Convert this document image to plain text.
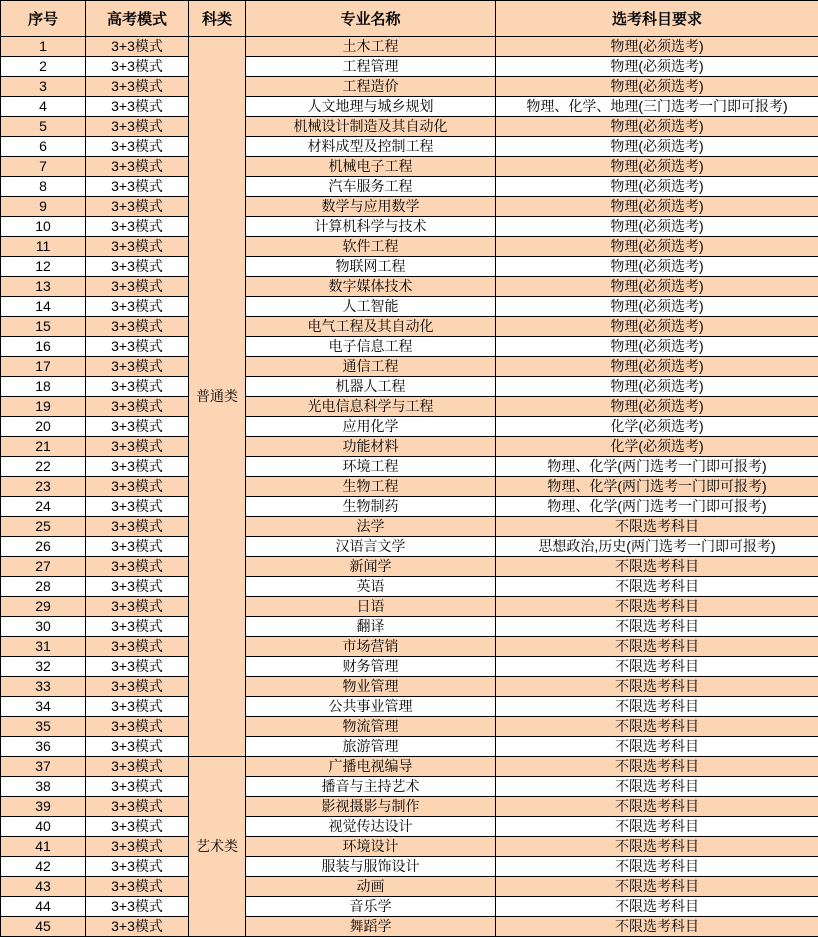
序号	高考模式	科类	专业名称	选考科目要求
1	3+3模式	普通类	土木工程	物理(必须选考)
2	3+3模式		工程管理	物理(必须选考)
3	3+3模式		工程造价	物理(必须选考)
4	3+3模式		人文地理与城乡规划	物理、化学、地理(三门选考一门即可报考)
5	3+3模式		机械设计制造及其自动化	物理(必须选考)
6	3+3模式		材料成型及控制工程	物理(必须选考)
7	3+3模式		机械电子工程	物理(必须选考)
8	3+3模式		汽车服务工程	物理(必须选考)
9	3+3模式		数学与应用数学	物理(必须选考)
10	3+3模式		计算机科学与技术	物理(必须选考)
11	3+3模式		软件工程	物理(必须选考)
12	3+3模式		物联网工程	物理(必须选考)
13	3+3模式		数字媒体技术	物理(必须选考)
14	3+3模式		人工智能	物理(必须选考)
15	3+3模式		电气工程及其自动化	物理(必须选考)
16	3+3模式		电子信息工程	物理(必须选考)
17	3+3模式		通信工程	物理(必须选考)
18	3+3模式		机器人工程	物理(必须选考)
19	3+3模式		光电信息科学与工程	物理(必须选考)
20	3+3模式		应用化学	化学(必须选考)
21	3+3模式		功能材料	化学(必须选考)
22	3+3模式		环境工程	物理、化学(两门选考一门即可报考)
23	3+3模式		生物工程	物理、化学(两门选考一门即可报考)
24	3+3模式		生物制药	物理、化学(两门选考一门即可报考)
25	3+3模式		法学	不限选考科目
26	3+3模式		汉语言文学	思想政治,历史(两门选考一门即可报考)
27	3+3模式		新闻学	不限选考科目
28	3+3模式		英语	不限选考科目
29	3+3模式		日语	不限选考科目
30	3+3模式		翻译	不限选考科目
31	3+3模式		市场营销	不限选考科目
32	3+3模式		财务管理	不限选考科目
33	3+3模式		物业管理	不限选考科目
34	3+3模式		公共事业管理	不限选考科目
35	3+3模式		物流管理	不限选考科目
36	3+3模式		旅游管理	不限选考科目
37	3+3模式	艺术类	广播电视编导	不限选考科目
38	3+3模式		播音与主持艺术	不限选考科目
39	3+3模式		影视摄影与制作	不限选考科目
40	3+3模式		视觉传达设计	不限选考科目
41	3+3模式		环境设计	不限选考科目
42	3+3模式		服装与服饰设计	不限选考科目
43	3+3模式		动画	不限选考科目
44	3+3模式		音乐学	不限选考科目
45	3+3模式		舞蹈学	不限选考科目
